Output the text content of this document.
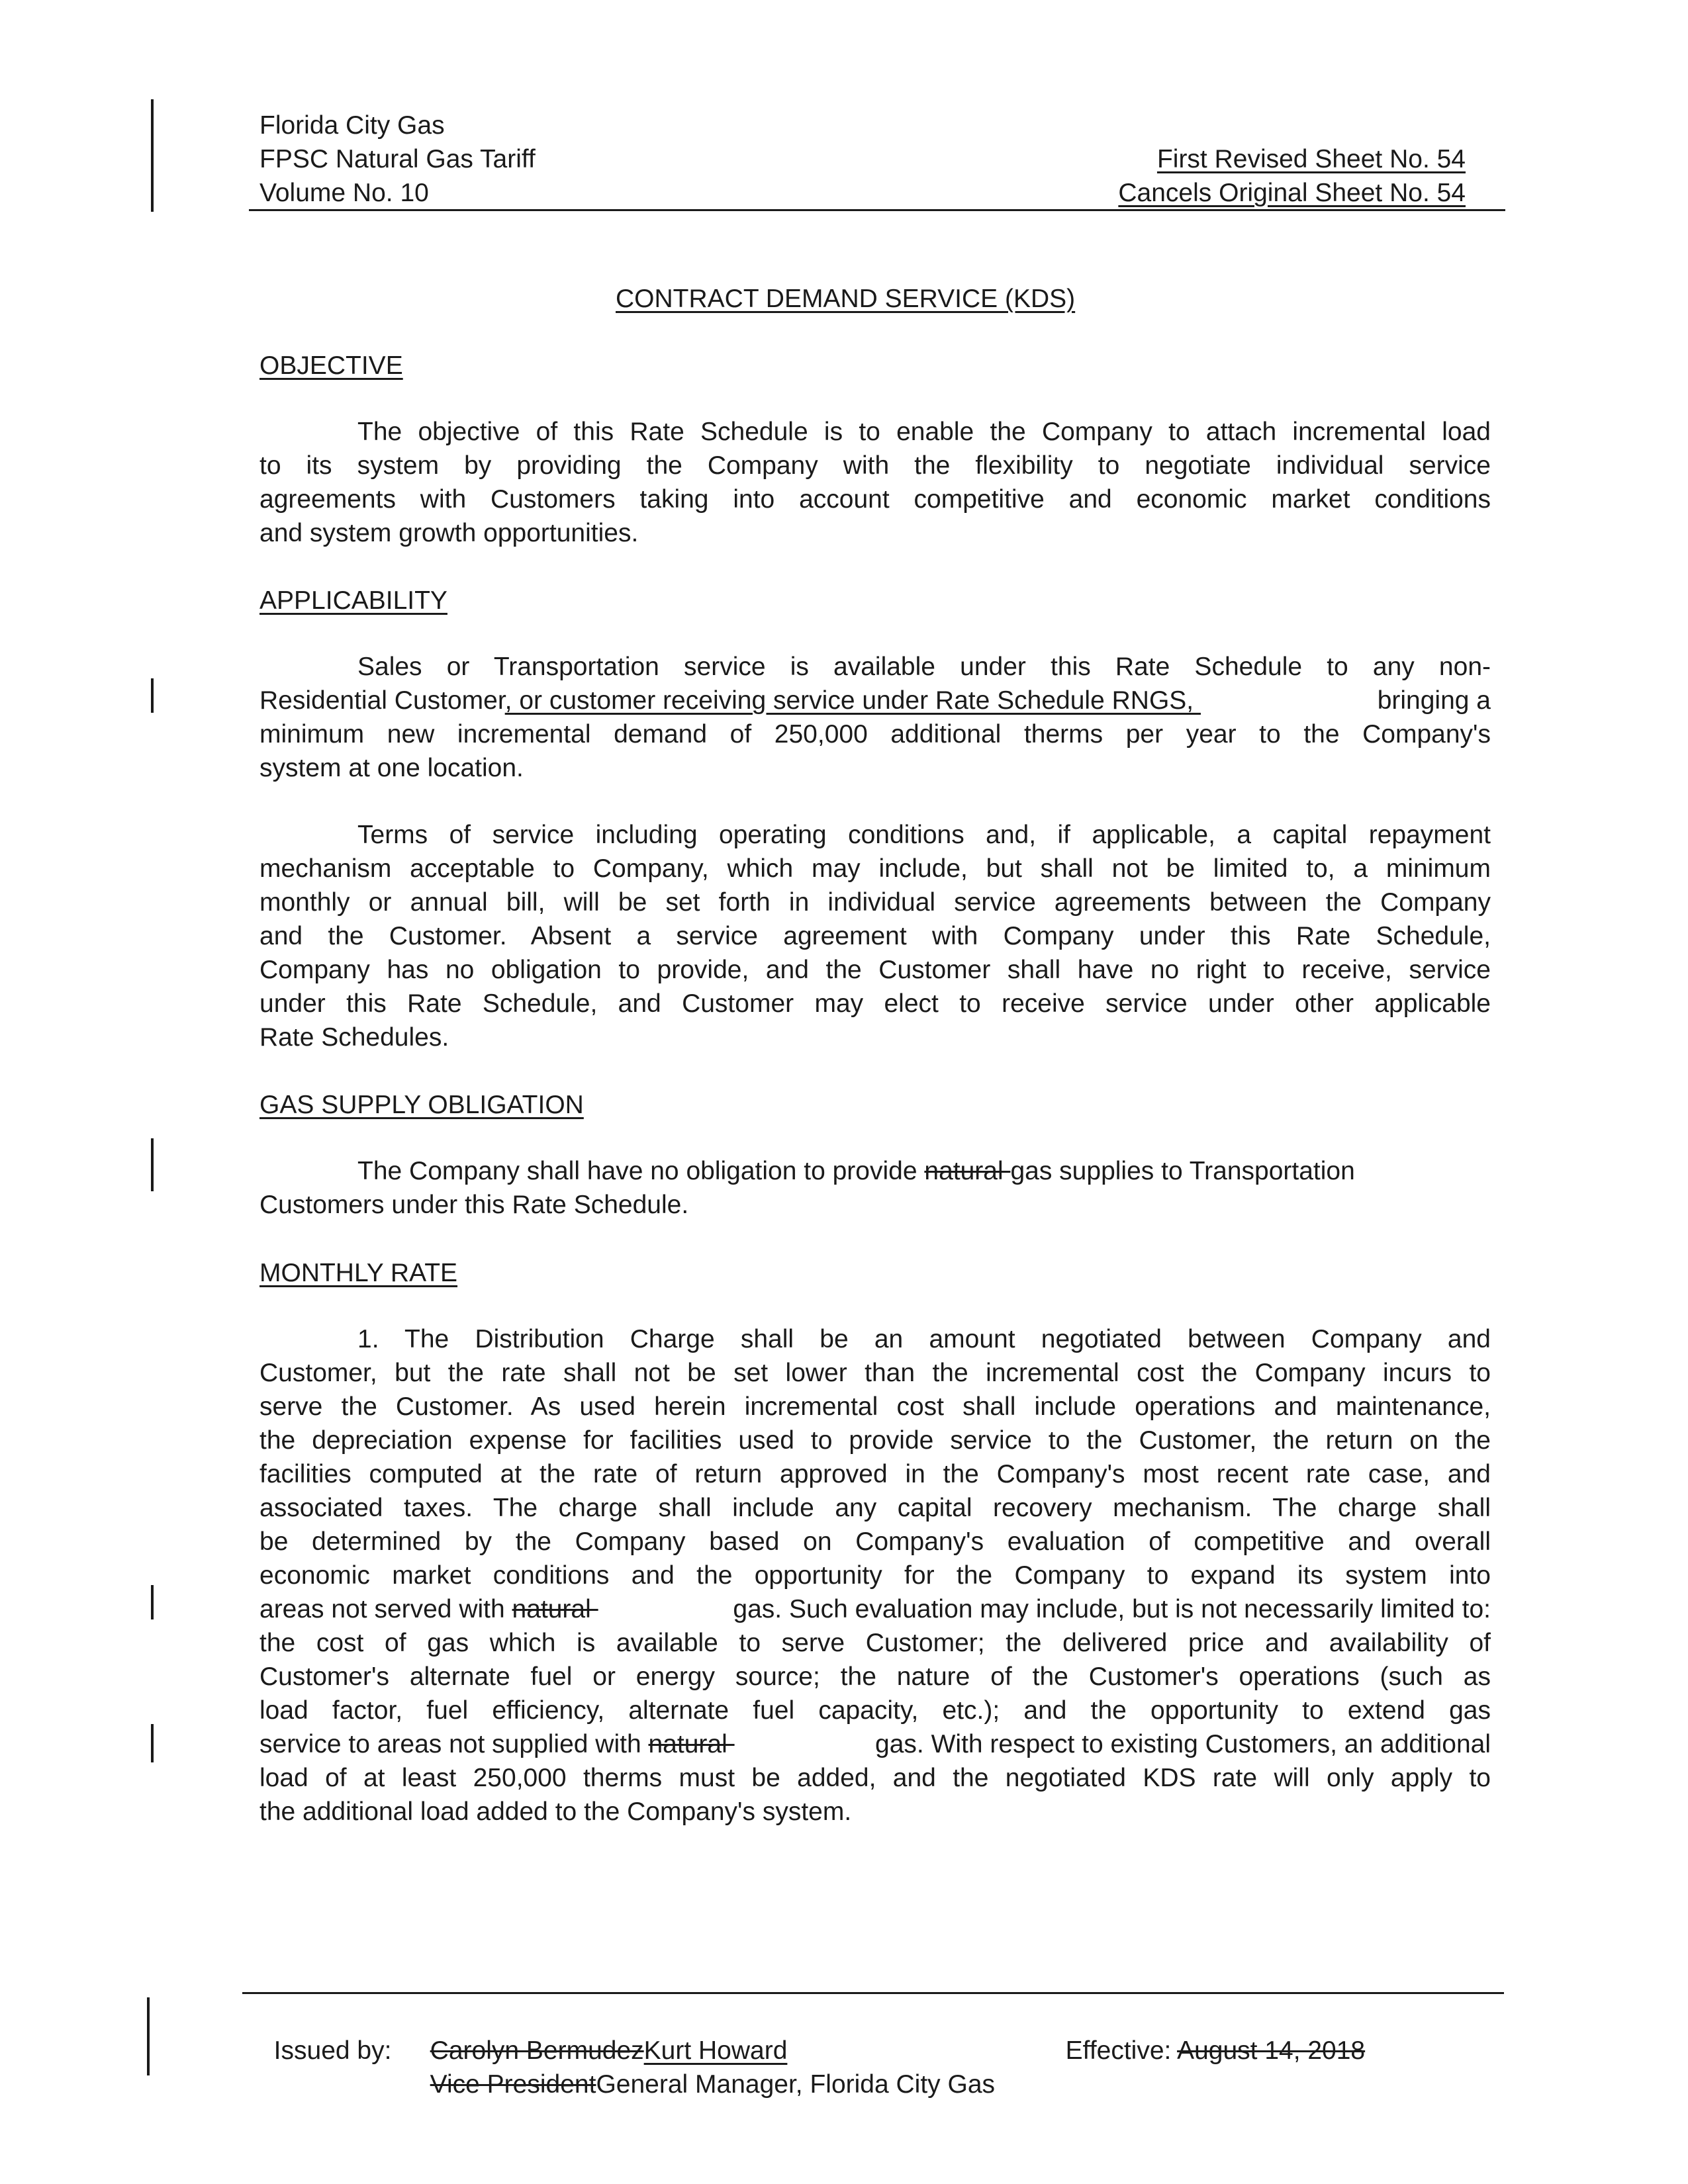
Florida City Gas
FPSC Natural Gas Tariff
Volume No. 10
First Revised Sheet No. 54
Cancels Original Sheet No. 54
CONTRACT DEMAND SERVICE (KDS)
OBJECTIVE
The objective of this Rate Schedule is to enable the Company to attach incremental load
to its system by providing the Company with the flexibility to negotiate individual service
agreements with Customers taking into account competitive and economic market conditions
and system growth opportunities.
APPLICABILITY
Sales or Transportation service is available under this Rate Schedule to any non-
Residential Customer, or customer receiving service under Rate Schedule RNGS,	bringing a
minimum new incremental demand of 250,000 additional therms per year to the Company's
system at one location.
Terms of service including operating conditions and, if applicable, a capital repayment
mechanism acceptable to Company, which may include, but shall not be limited to, a minimum
monthly or annual bill, will be set forth in individual service agreements between the Company
and the Customer. Absent a service agreement with Company under this Rate Schedule,
Company has no obligation to provide, and the Customer shall have no right to receive, service
under this Rate Schedule, and Customer may elect to receive service under other applicable
Rate Schedules.
GAS SUPPLY OBLIGATION
The Company shall have no obligation to provide natural gas supplies to Transportation
Customers under this Rate Schedule.
MONTHLY RATE
1. The Distribution Charge shall be an amount negotiated between Company and
Customer, but the rate shall not be set lower than the incremental cost the Company incurs to
serve the Customer. As used herein incremental cost shall include operations and maintenance,
the depreciation expense for facilities used to provide service to the Customer, the return on the
facilities computed at the rate of return approved in the Company's most recent rate case, and
associated taxes. The charge shall include any capital recovery mechanism. The charge shall
be determined by the Company based on Company's evaluation of competitive and overall
economic market conditions and the opportunity for the Company to expand its system into
areas not served with natural	gas. Such evaluation may include, but is not necessarily limited to:
the cost of gas which is available to serve Customer; the delivered price and availability of
Customer's alternate fuel or energy source; the nature of the Customer's operations (such as
load factor, fuel efficiency, alternate fuel capacity, etc.); and the opportunity to extend gas
service to areas not supplied with natural	gas. With respect to existing Customers, an additional
load of at least 250,000 therms must be added, and the negotiated KDS rate will only apply to
the additional load added to the Company's system.

Issued by:	Carolyn BermudezKurt Howard	Effective: August 14, 2018

Vice PresidentGeneral Manager, Florida City Gas
